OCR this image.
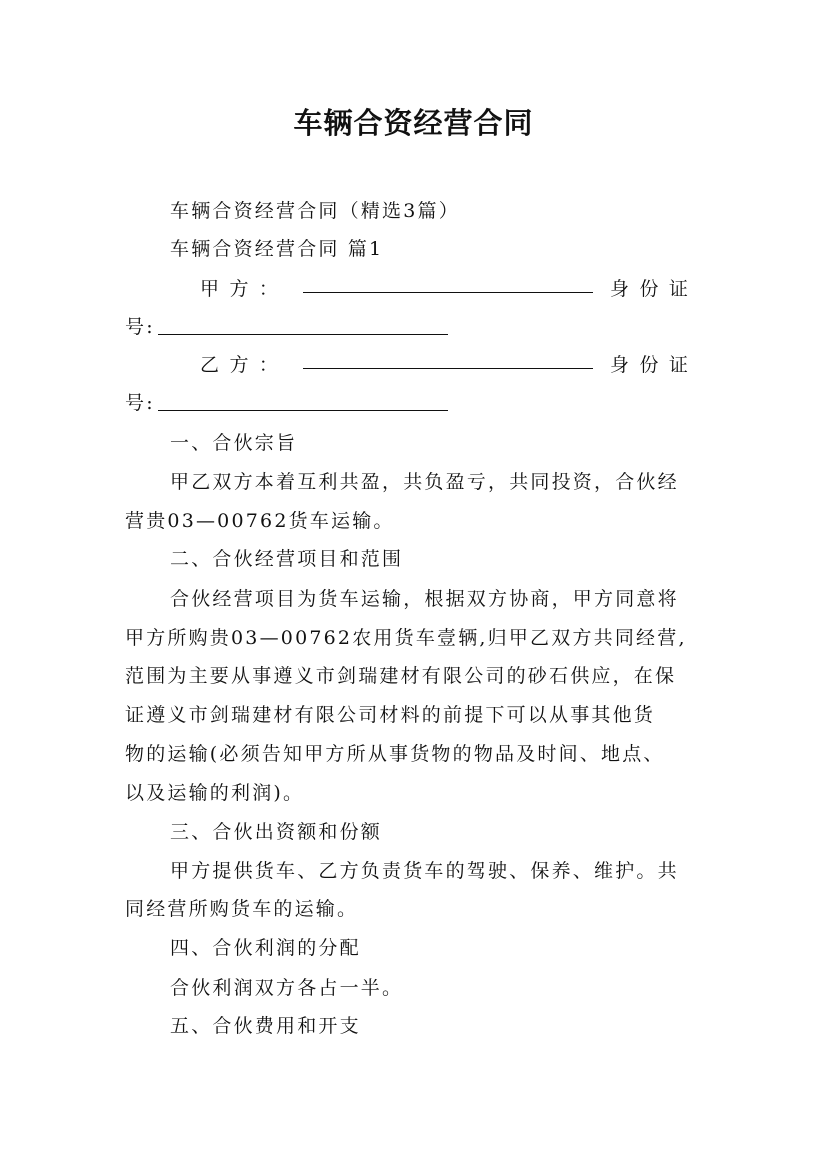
车辆合资经营合同
车辆合资经营合同（精选3篇）
车辆合资经营合同 篇1
甲 方 ：	身 份 证
号:
乙 方 ：	身 份 证
号:
一、合伙宗旨
甲乙双方本着互利共盈，共负盈亏，共同投资，合伙经
营贵03—00762货车运输。
二、合伙经营项目和范围
合伙经营项目为货车运输，根据双方协商，甲方同意将
甲方所购贵03—00762农用货车壹辆,归甲乙双方共同经营,
范围为主要从事遵义市剑瑞建材有限公司的砂石供应，在保
证遵义市剑瑞建材有限公司材料的前提下可以从事其他货
物的运输(必须告知甲方所从事货物的物品及时间、地点、
以及运输的利润)。
三、合伙出资额和份额
甲方提供货车、乙方负责货车的驾驶、保养、维护。共
同经营所购货车的运输。
四、合伙利润的分配
合伙利润双方各占一半。
五、合伙费用和开支
